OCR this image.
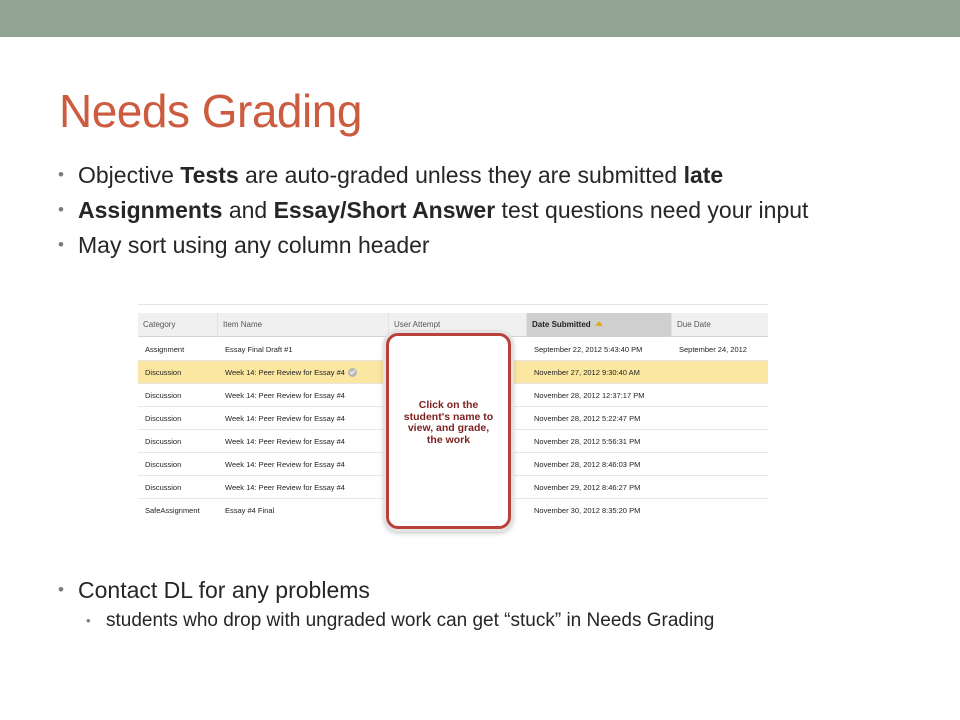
Needs Grading
• Objective Tests are auto-graded unless they are submitted late
• Assignments and Essay/Short Answer test questions need your input
• May sort using any column header
Category	Item Name	User Attempt	Date Submitted	Due Date
Assignment	Essay Final Draft #1	September 22, 2012 5:43:40 PM	September 24, 2012
Discussion	Week 14: Peer Review for Essay #4	November 27, 2012 9:30:40 AM
Discussion	Week 14: Peer Review for Essay #4	November 28, 2012 12:37:17 PM
Discussion	Week 14: Peer Review for Essay #4	November 28, 2012 5:22:47 PM
Discussion	Week 14: Peer Review for Essay #4	November 28, 2012 5:56:31 PM
Discussion	Week 14: Peer Review for Essay #4	November 28, 2012 8:46:03 PM
Discussion	Week 14: Peer Review for Essay #4	November 29, 2012 8:46:27 PM
SafeAssignment	Essay #4 Final	November 30, 2012 8:35:20 PM
Click on the student's name to view, and grade, the work
• Contact DL for any problems
• students who drop with ungraded work can get “stuck” in Needs Grading
